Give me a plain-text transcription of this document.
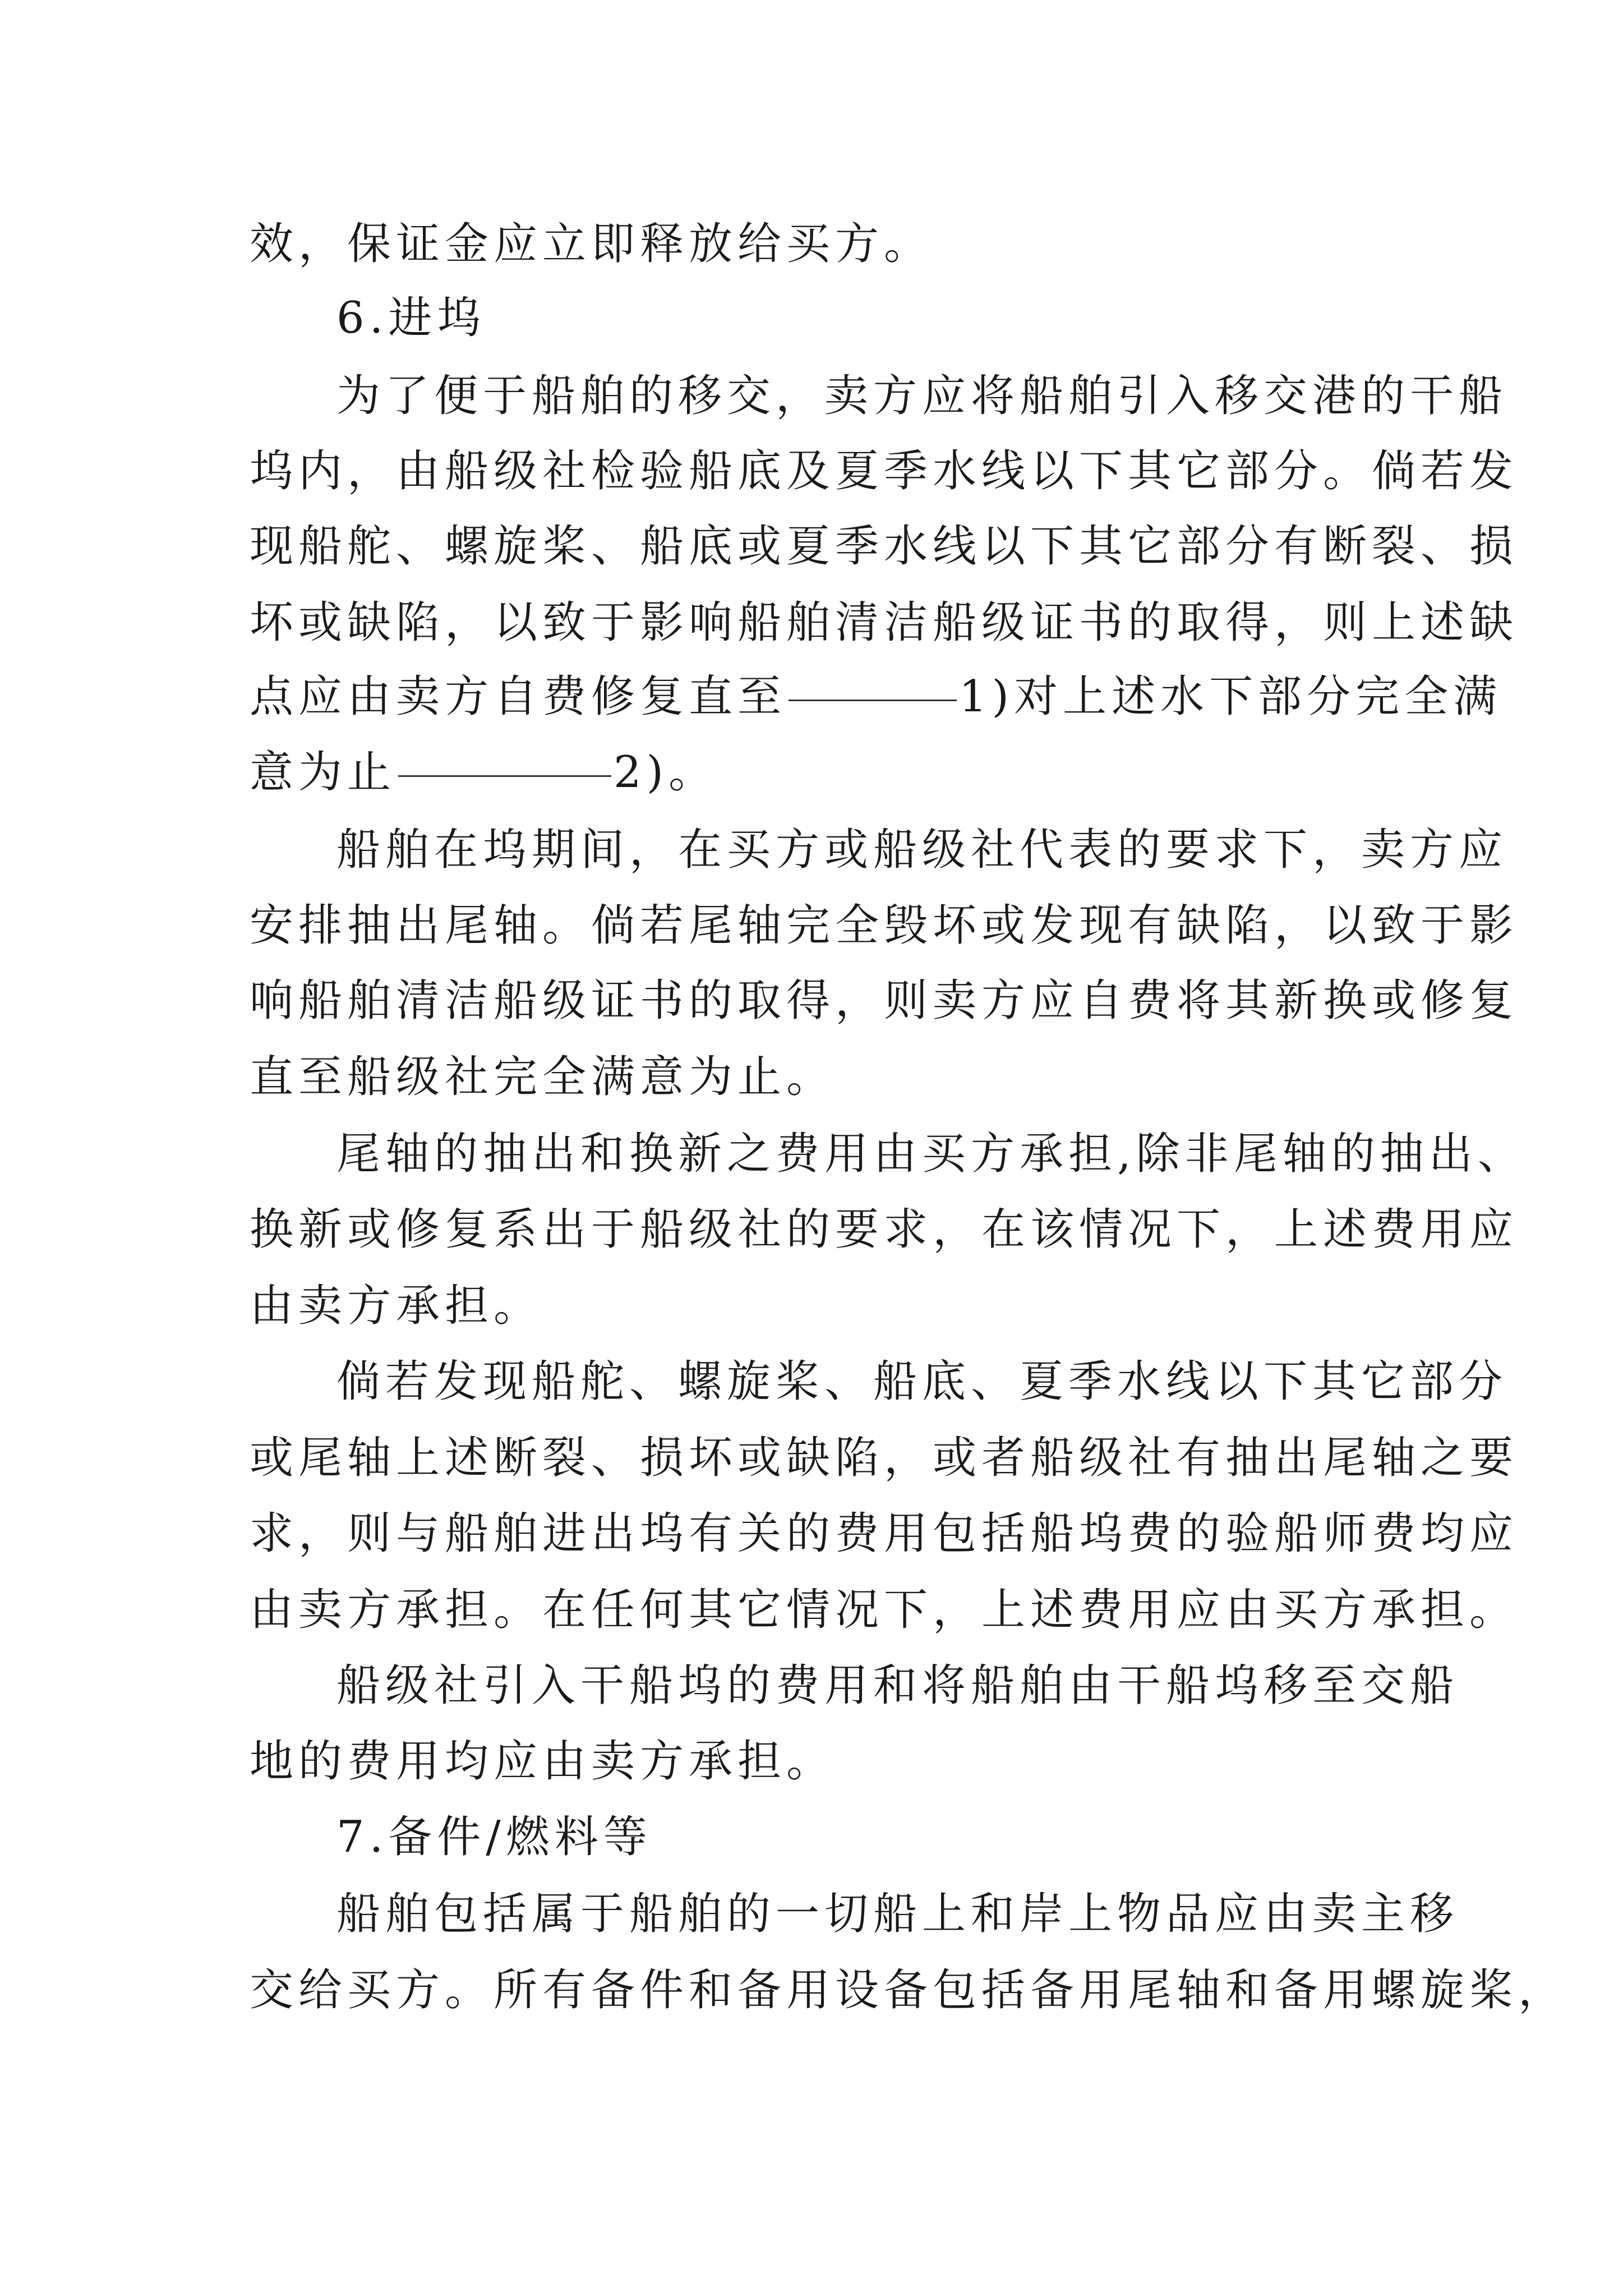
效，保证金应立即释放给买方。
6.进坞
为了便于船舶的移交，卖方应将船舶引入移交港的干船
坞内，由船级社检验船底及夏季水线以下其它部分。倘若发
现船舵、螺旋桨、船底或夏季水线以下其它部分有断裂、损
坏或缺陷，以致于影响船舶清洁船级证书的取得，则上述缺
点应由卖方自费修复直至	1)对上述水下部分完全满
意为止	2)。
船舶在坞期间，在买方或船级社代表的要求下，卖方应
安排抽出尾轴。倘若尾轴完全毁坏或发现有缺陷，以致于影
响船舶清洁船级证书的取得，则卖方应自费将其新换或修复
直至船级社完全满意为止。
尾轴的抽出和换新之费用由买方承担,除非尾轴的抽出、
换新或修复系出于船级社的要求，在该情况下，上述费用应
由卖方承担。
倘若发现船舵、螺旋桨、船底、夏季水线以下其它部分
或尾轴上述断裂、损坏或缺陷，或者船级社有抽出尾轴之要
求，则与船舶进出坞有关的费用包括船坞费的验船师费均应
由卖方承担。在任何其它情况下，上述费用应由买方承担。
船级社引入干船坞的费用和将船舶由干船坞移至交船
地的费用均应由卖方承担。
7.备件/燃料等
船舶包括属于船舶的一切船上和岸上物品应由卖主移
交给买方。所有备件和备用设备包括备用尾轴和备用螺旋桨，
